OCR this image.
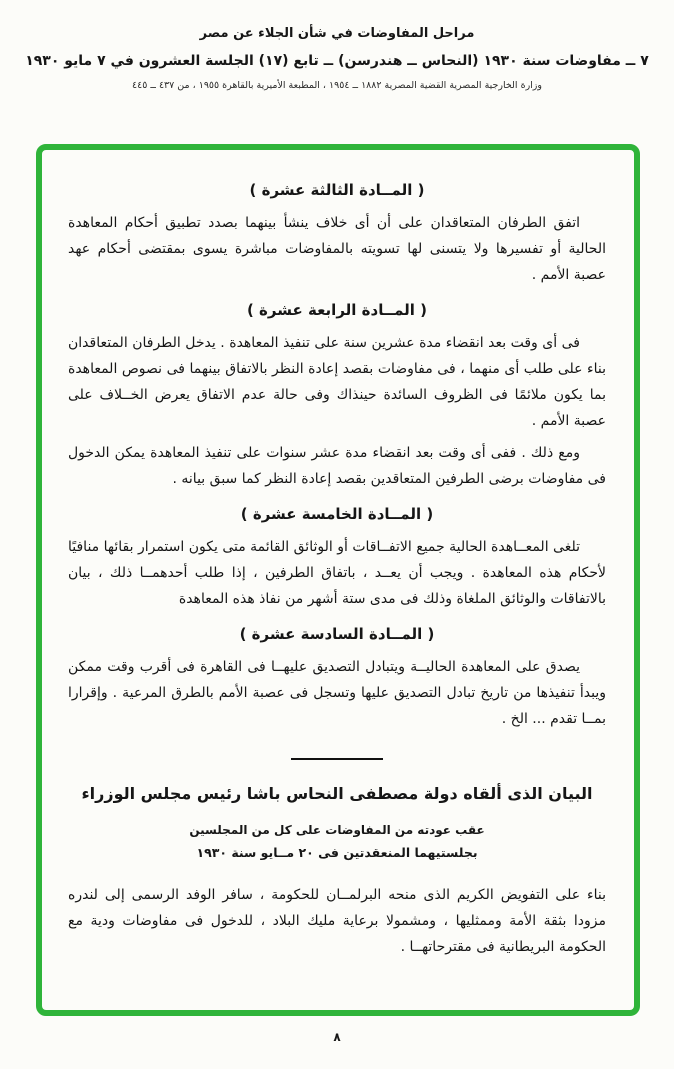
مراحل المفاوضات في شأن الجلاء عن مصر
٧ ــ مفاوضات سنة ١٩٣٠ (النحاس ــ هندرسن) ــ تابع (١٧) الجلسة العشرون في ٧ مايو ١٩٣٠
وزارة الخارجية المصرية القضية المصرية ١٨٨٢ ــ ١٩٥٤ ، المطبعة الأميرية بالقاهرة ١٩٥٥ ، من ٤٣٧ ــ ٤٤٥
( المــادة الثالثة عشرة )
اتفق الطرفان المتعاقدان على أن أى خلاف ينشأ بينهما بصدد تطبيق أحكام المعاهدة الحالية أو تفسيرها ولا يتسنى لها تسويته بالمفاوضات مباشرة يسوى بمقتضى أحكام عهد عصبة الأمم .
( المــادة الرابعة عشرة )
فى أى وقت بعد انقضاء مدة عشرين سنة على تنفيذ المعاهدة . يدخل الطرفان المتعاقدان بناء على طلب أى منهما ، فى مفاوضات بقصد إعادة النظر بالاتفاق بينهما فى نصوص المعاهدة بما يكون ملائمًا فى الظروف السائدة حينذاك وفى حالة عدم الاتفاق يعرض الخــلاف على عصبة الأمم .
ومع ذلك . ففى أى وقت بعد انقضاء مدة عشر سنوات على تنفيذ المعاهدة يمكن الدخول فى مفاوضات برضى الطرفين المتعاقدين بقصد إعادة النظر كما سبق بيانه .
( المــادة الخامسة عشرة )
تلغى المعــاهدة الحالية جميع الاتفــاقات أو الوثائق القائمة متى يكون استمرار بقائها منافيًا لأحكام هذه المعاهدة . ويجب أن يعــد ، باتفاق الطرفين ، إذا طلب أحدهمــا ذلك ، بيان بالاتفاقات والوثائق الملغاة وذلك فى مدى ستة أشهر من نفاذ هذه المعاهدة
( المــادة السادسة عشرة )
يصدق على المعاهدة الحاليــة ويتبادل التصديق عليهــا فى القاهرة فى أقرب وقت ممكن ويبدأ تنفيذها من تاريخ تبادل التصديق عليها وتسجل فى عصبة الأمم بالطرق المرعية . وإقرارا بمــا تقدم ... الخ .
البيان الذى ألقاه دولة مصطفى النحاس باشا رئيس مجلس الوزراء
عقب عودته من المفاوضات على كل من المجلسين
بجلستيهما المنعقدتين فى ٢٠ مــايو سنة ١٩٣٠
بناء على التفويض الكريم الذى منحه البرلمــان للحكومة ، سافر الوفد الرسمى إلى لندره مزودا بثقة الأمة وممثليها ، ومشمولا برعاية مليك البلاد ، للدخول فى مفاوضات ودية مع الحكومة البريطانية فى مقترحاتهــا .
٨
